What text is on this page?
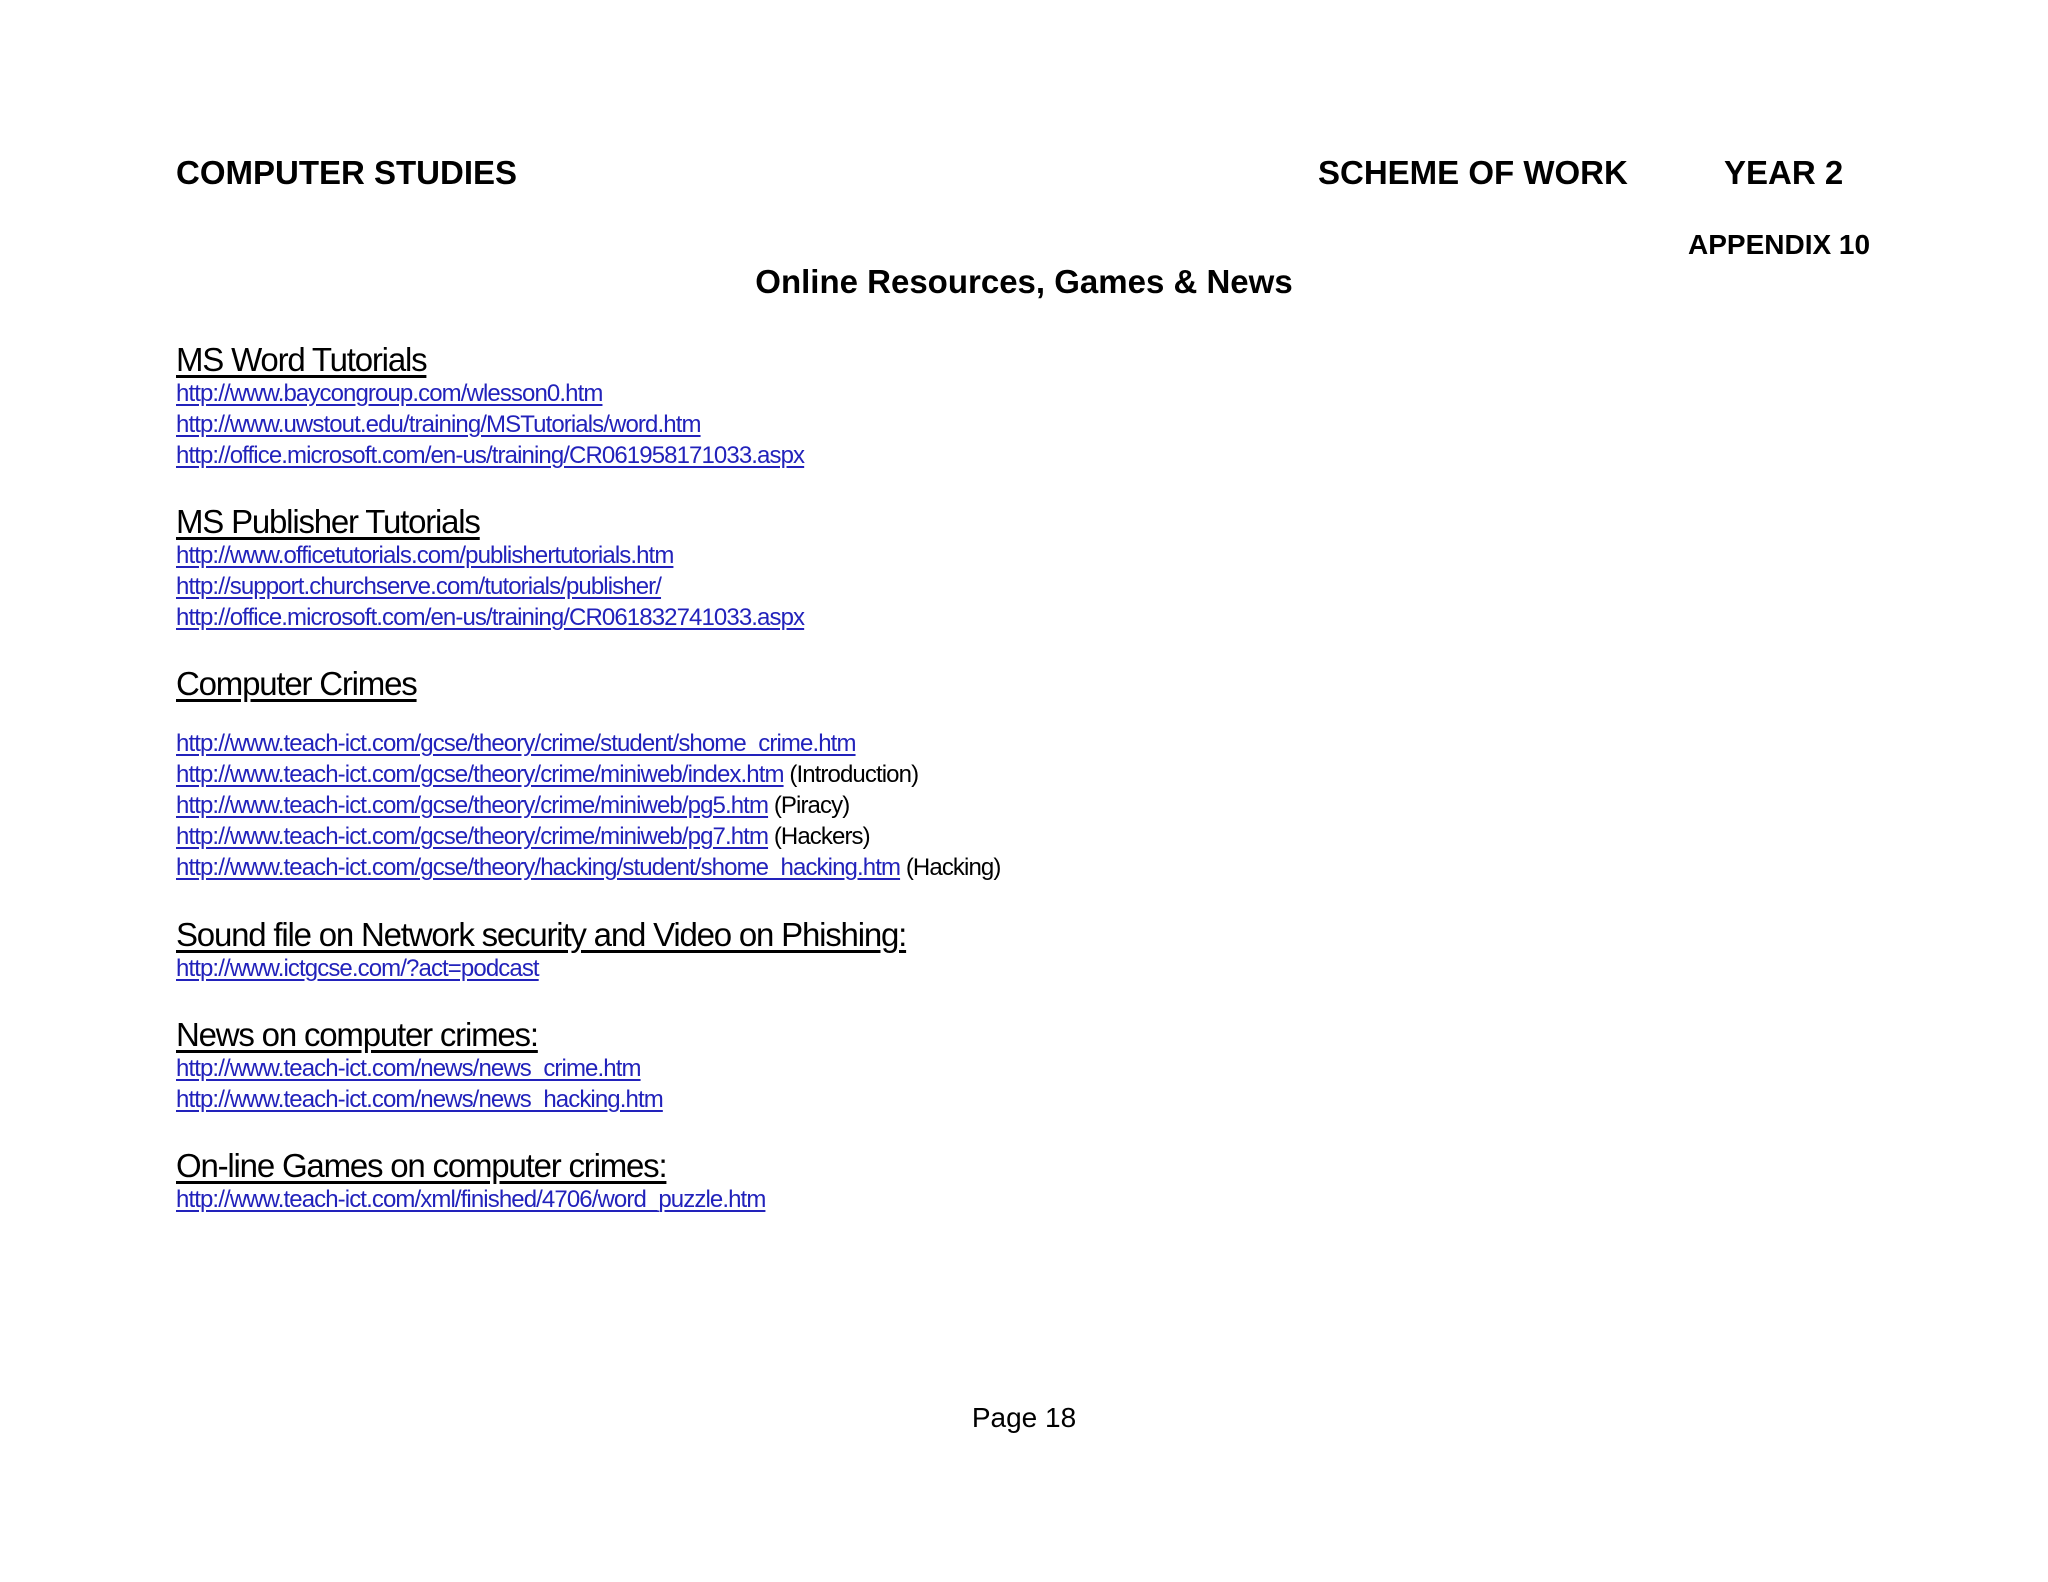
COMPUTER STUDIES	SCHEME OF WORK	YEAR 2
APPENDIX 10
Online Resources, Games & News
MS Word Tutorials
http://www.baycongroup.com/wlesson0.htm
http://www.uwstout.edu/training/MSTutorials/word.htm
http://office.microsoft.com/en-us/training/CR061958171033.aspx
MS Publisher Tutorials
http://www.officetutorials.com/publishertutorials.htm
http://support.churchserve.com/tutorials/publisher/
http://office.microsoft.com/en-us/training/CR061832741033.aspx
Computer Crimes
http://www.teach-ict.com/gcse/theory/crime/student/shome_crime.htm
http://www.teach-ict.com/gcse/theory/crime/miniweb/index.htm (Introduction)
http://www.teach-ict.com/gcse/theory/crime/miniweb/pg5.htm (Piracy)
http://www.teach-ict.com/gcse/theory/crime/miniweb/pg7.htm (Hackers)
http://www.teach-ict.com/gcse/theory/hacking/student/shome_hacking.htm (Hacking)
Sound file on Network security and Video on Phishing:
http://www.ictgcse.com/?act=podcast
News on computer crimes:
http://www.teach-ict.com/news/news_crime.htm
http://www.teach-ict.com/news/news_hacking.htm
On-line Games on computer crimes:
http://www.teach-ict.com/xml/finished/4706/word_puzzle.htm
Page 18
